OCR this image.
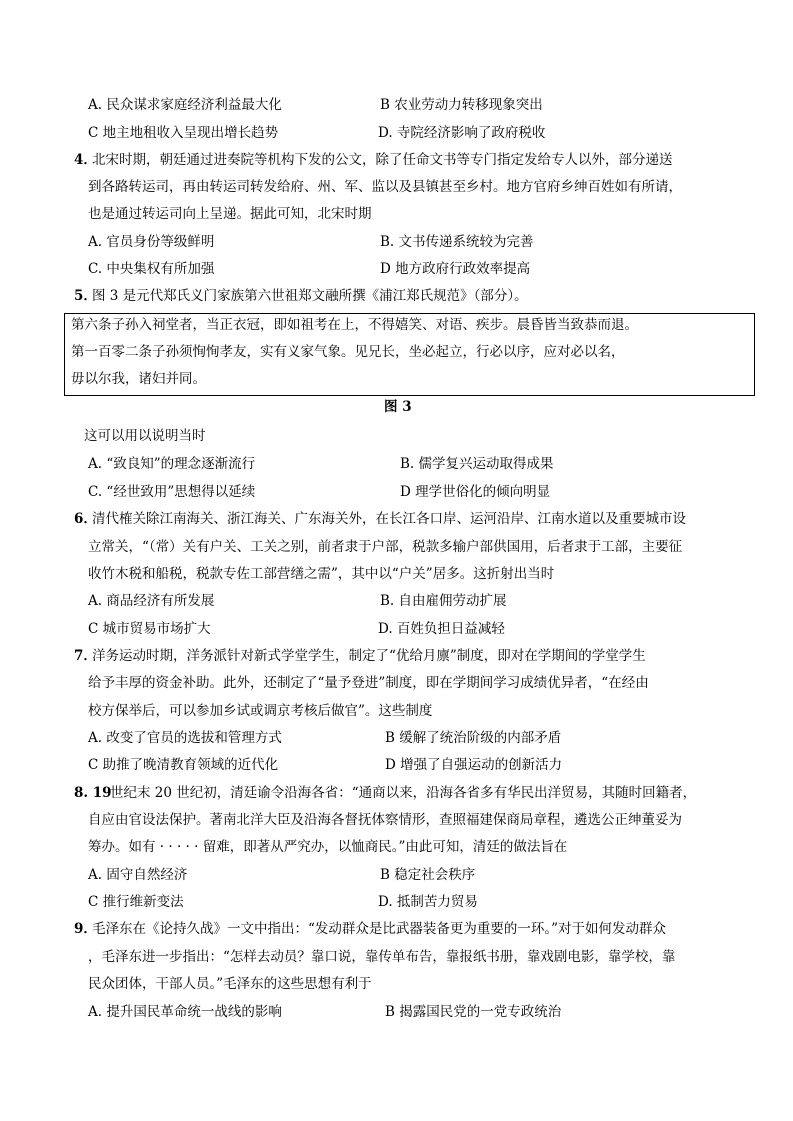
A. 民众谋求家庭经济利益最大化	B 农业劳动力转移现象突出
C 地主地租收入呈现出增长趋势	D. 寺院经济影响了政府税收
4．
北宋时期，朝廷通过进奏院等机构下发的公文，除了任命文书等专门指定发给专人以外，部分递送
到各路转运司，再由转运司转发给府、州、军、监以及县镇甚至乡村。地方官府乡绅百姓如有所请，
也是通过转运司向上呈递。据此可知，北宋时期
A. 官员身份等级鲜明	B. 文书传递系统较为完善
C. 中央集权有所加强	D 地方政府行政效率提高
5．
图 3 是元代郑氏义门家族第六世祖郑文融所撰《浦江郑氏规范》（部分）。
第六条子孙入祠堂者，当正衣冠，即如祖考在上，不得嬉笑、对语、疾步。晨昏皆当致恭而退。
第一百零二条子孙须恂恂孝友，实有义家气象。见兄长，坐必起立，行必以序，应对必以名，
毋以尔我，诸妇并同。
图 3
这可以用以说明当时
A. “致良知”的理念逐渐流行	B. 儒学复兴运动取得成果
C. “经世致用”思想得以延续	D 理学世俗化的倾向明显
6．
清代榷关除江南海关、浙江海关、广东海关外，在长江各口岸、运河沿岸、江南水道以及重要城市设
立常关，“（常）关有户关、工关之别，前者隶于户部，税款多输户部供国用，后者隶于工部，主要征
收竹木税和船税，税款专佐工部营缮之需”，其中以“户关”居多。这折射出当时
A. 商品经济有所发展	B. 自由雇佣劳动扩展
C 城市贸易市场扩大	D. 百姓负担日益减轻
7．
洋务运动时期，洋务派针对新式学堂学生，制定了“优给月廪”制度，即对在学期间的学堂学生
给予丰厚的资金补助。此外，还制定了“量予登进”制度，即在学期间学习成绩优异者，“在经由
校方保举后，可以参加乡试或调京考核后做官”。这些制度
A. 改变了官员的选拔和管理方式	B 缓解了统治阶级的内部矛盾
C 助推了晚清教育领域的近代化	D 增强了自强运动的创新活力
8. 19
世纪末 20 世纪初，清廷谕令沿海各省：“通商以来，沿海各省多有华民出洋贸易，其随时回籍者，
自应由官设法保护。著南北洋大臣及沿海各督抚体察情形，查照福建保商局章程，遴选公正绅董妥为
筹办。如有 · · · · · 留难，即著从严究办，以恤商民。”由此可知，清廷的做法旨在
A. 固守自然经济	B 稳定社会秩序
C 推行维新变法	D. 抵制苦力贸易
9．
毛泽东在《论持久战》一文中指出：“发动群众是比武器装备更为重要的一环。”对于如何发动群众
，毛泽东进一步指出：“怎样去动员？靠口说，靠传单布告，靠报纸书册，靠戏剧电影，靠学校，靠
民众团体，干部人员。”毛泽东的这些思想有利于
A. 提升国民革命统一战线的影响	B 揭露国民党的一党专政统治
